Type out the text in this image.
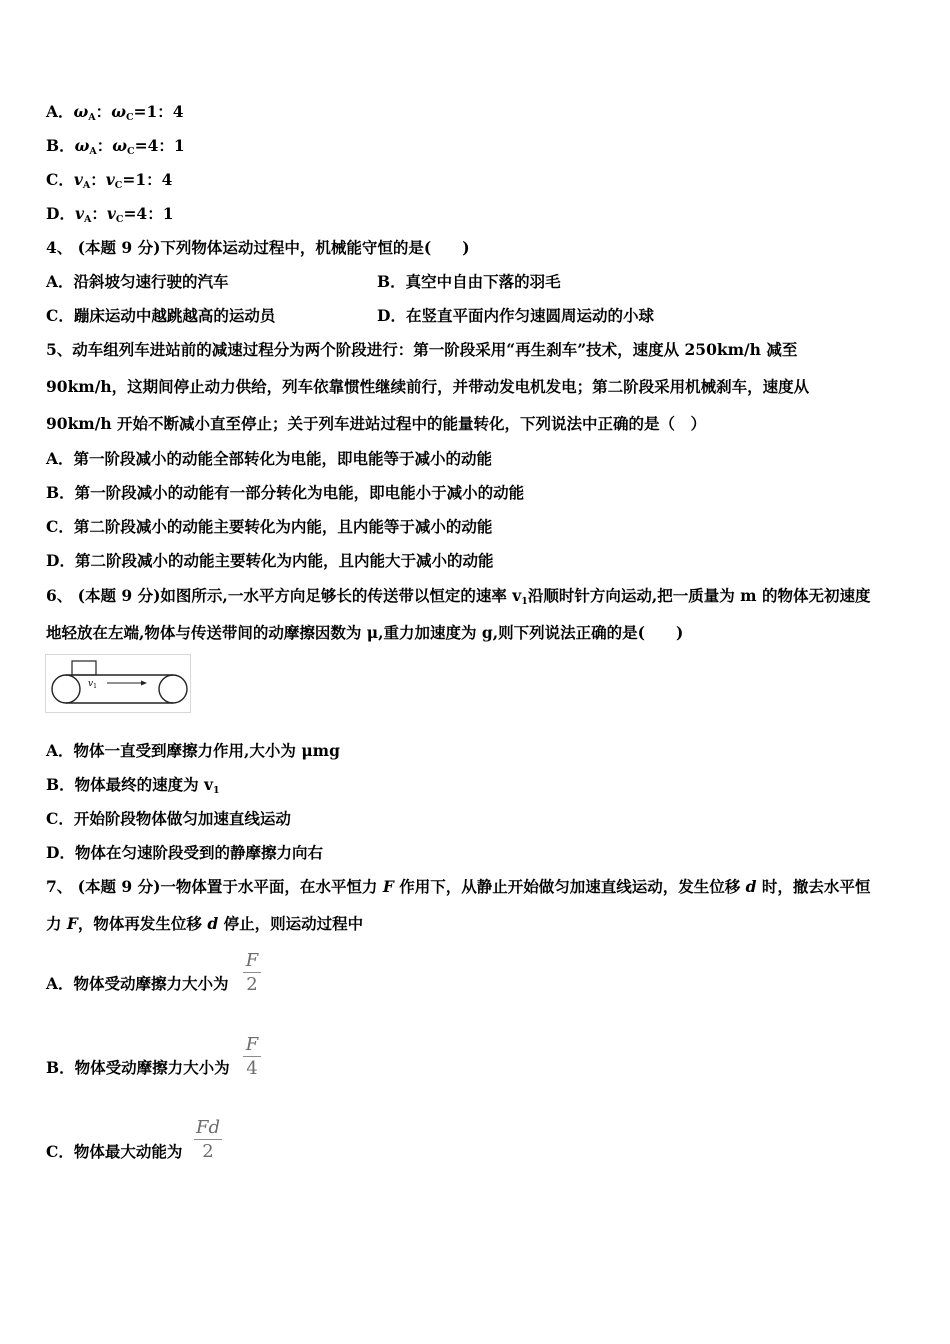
A．ωA：ωC=1：4
B．ωA：ωC=4：1
C．vA：vC=1：4
D．vA：vC=4：1
4、 (本题 9 分)下列物体运动过程中，机械能守恒的是(　　)
A．沿斜坡匀速行驶的汽车	B．真空中自由下落的羽毛
C．蹦床运动中越跳越高的运动员	D．在竖直平面内作匀速圆周运动的小球
5、动车组列车进站前的减速过程分为两个阶段进行：第一阶段采用“再生刹车”技术，速度从 250km/h 减至
90km/h，这期间停止动力供给，列车依靠惯性继续前行，并带动发电机发电；第二阶段采用机械刹车，速度从
90km/h 开始不断减小直至停止；关于列车进站过程中的能量转化，下列说法中正确的是（　）
A．第一阶段减小的动能全部转化为电能，即电能等于减小的动能
B．第一阶段减小的动能有一部分转化为电能，即电能小于减小的动能
C．第二阶段减小的动能主要转化为内能，且内能等于减小的动能
D．第二阶段减小的动能主要转化为内能，且内能大于减小的动能
6、 (本题 9 分)如图所示,一水平方向足够长的传送带以恒定的速率 v1沿顺时针方向运动,把一质量为 m 的物体无初速度
地轻放在左端,物体与传送带间的动摩擦因数为 μ,重力加速度为 g,则下列说法正确的是(　　)
$v_1$
A．物体一直受到摩擦力作用,大小为 μmg
B．物体最终的速度为 v1
C．开始阶段物体做匀加速直线运动
D．物体在匀速阶段受到的静摩擦力向右
7、 (本题 9 分)一物体置于水平面，在水平恒力 F 作用下，从静止开始做匀加速直线运动，发生位移 d 时，撤去水平恒
力 F，物体再发生位移 d 停止，则运动过程中
A．物体受动摩擦力大小为
F
2
B．物体受动摩擦力大小为
F
4
C．物体最大动能为
Fd
2
